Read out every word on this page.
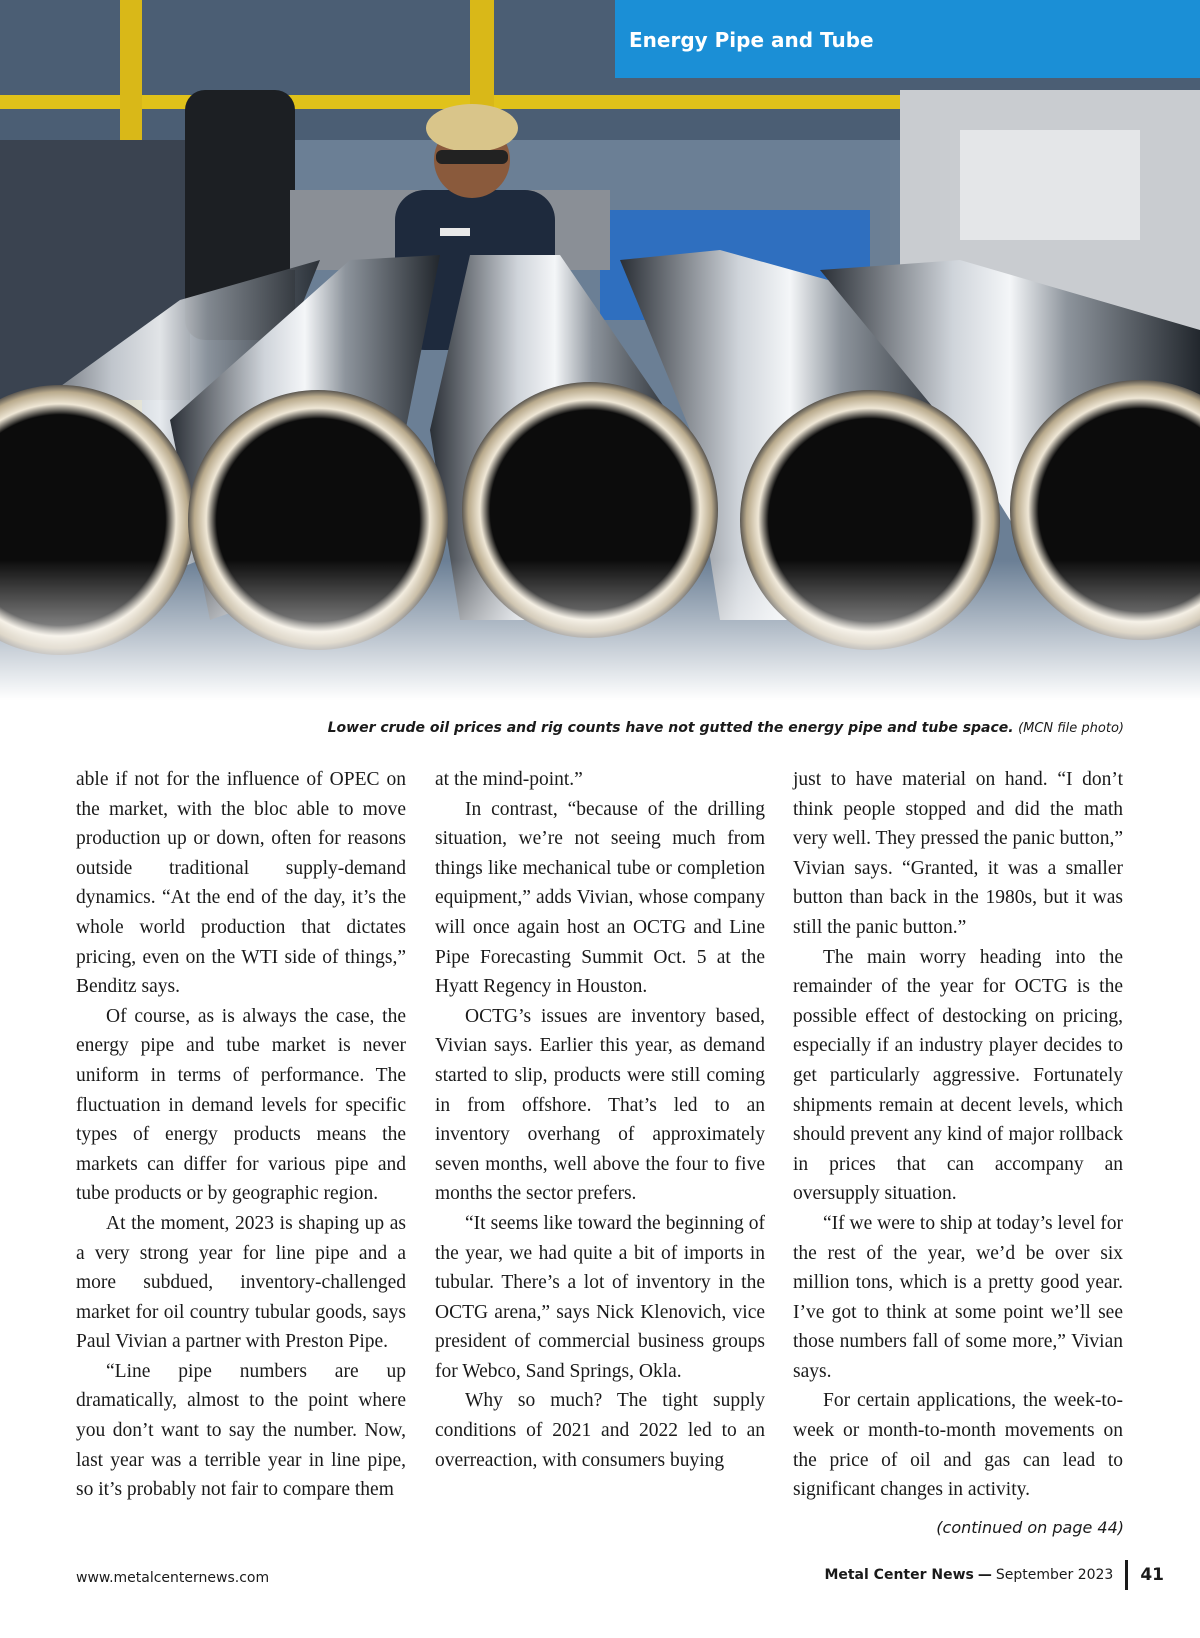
Energy Pipe and Tube
Lower crude oil prices and rig counts have not gutted the energy pipe and tube space. (MCN file photo)

able if not for the influence of OPEC on the market, with the bloc able to move production up or down, often for reasons outside traditional supply-demand dynamics. “At the end of the day, it’s the whole world production that dictates pricing, even on the WTI side of things,” Benditz says.

Of course, as is always the case, the energy pipe and tube market is never uniform in terms of performance. The fluctuation in demand levels for specific types of energy products means the markets can differ for various pipe and tube products or by geographic region.

At the moment, 2023 is shaping up as a very strong year for line pipe and a more subdued, inventory-challenged market for oil country tubular goods, says Paul Vivian a partner with Preston Pipe.

“Line pipe numbers are up dramatically, almost to the point where you don’t want to say the number. Now, last year was a terrible year in line pipe, so it’s probably not fair to compare them

at the mind-point.”

In contrast, “because of the drilling situation, we’re not seeing much from things like mechanical tube or completion equipment,” adds Vivian, whose company will once again host an OCTG and Line Pipe Forecasting Summit Oct. 5 at the Hyatt Regency in Houston.

OCTG’s issues are inventory based, Vivian says. Earlier this year, as demand started to slip, products were still coming in from offshore. That’s led to an inventory overhang of approximately seven months, well above the four to five months the sector prefers.

“It seems like toward the beginning of the year, we had quite a bit of imports in tubular. There’s a lot of inventory in the OCTG arena,” says Nick Klenovich, vice president of commercial business groups for Webco, Sand Springs, Okla.

Why so much? The tight supply conditions of 2021 and 2022 led to an overreaction, with consumers buying

just to have material on hand. “I don’t think people stopped and did the math very well. They pressed the panic button,” Vivian says. “Granted, it was a smaller button than back in the 1980s, but it was still the panic button.”

The main worry heading into the remainder of the year for OCTG is the possible effect of destocking on pricing, especially if an industry player decides to get particularly aggressive. Fortunately shipments remain at decent levels, which should prevent any kind of major rollback in prices that can accompany an oversupply situation.

“If we were to ship at today’s level for the rest of the year, we’d be over six million tons, which is a pretty good year. I’ve got to think at some point we’ll see those numbers fall of some more,” Vivian says.

For certain applications, the week-to-week or month-to-month movements on the price of oil and gas can lead to significant changes in activity.

(continued on page 44)
www.metalcenternews.com	Metal Center News — September 2023 41
